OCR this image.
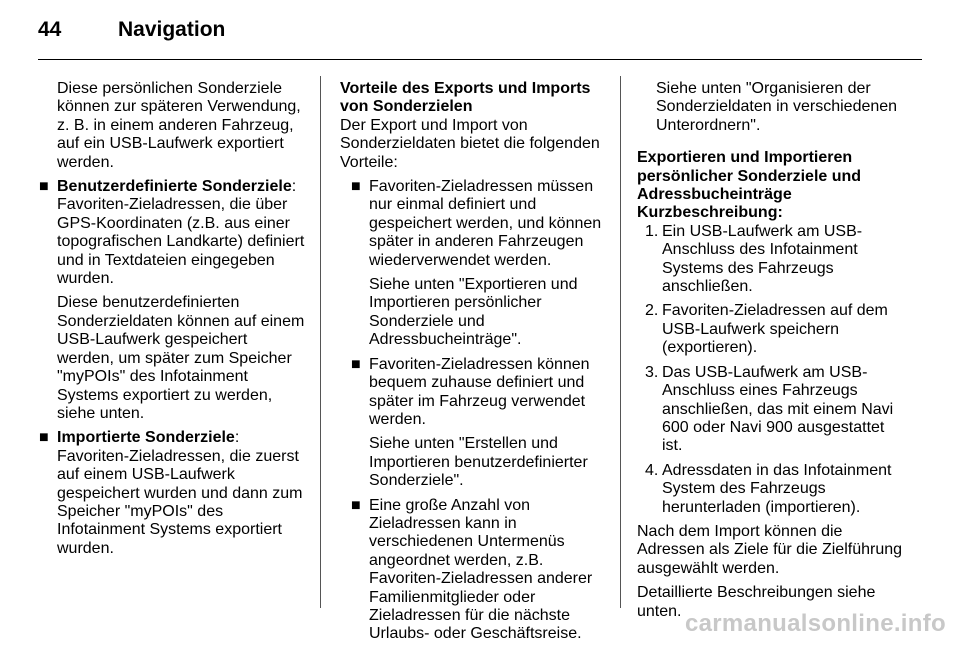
44	Navigation

Diese persönlichen Sonderziele können zur späteren Verwendung, z. B. in einem anderen Fahrzeug, auf ein USB-Laufwerk exportiert werden.

■ Benutzerdefinierte Sonderziele: Favoriten-Zieladressen, die über GPS-Koordinaten (z.B. aus einer topografischen Landkarte) definiert und in Textdateien eingegeben wurden.

Diese benutzerdefinierten Sonderzieldaten können auf einem USB-Laufwerk gespeichert werden, um später zum Speicher "myPOIs" des Infotainment Systems exportiert zu werden, siehe unten.

■ Importierte Sonderziele: Favoriten-Zieladressen, die zuerst auf einem USB-Laufwerk gespeichert wurden und dann zum Speicher "myPOIs" des Infotainment Systems exportiert wurden.

Vorteile des Exports und Imports von Sonderzielen

Der Export und Import von Sonderzieldaten bietet die folgenden Vorteile:

■ Favoriten-Zieladressen müssen nur einmal definiert und gespeichert werden, und können später in anderen Fahrzeugen wiederverwendet werden.

Siehe unten "Exportieren und Importieren persönlicher Sonderziele und Adressbucheinträge".

■ Favoriten-Zieladressen können bequem zuhause definiert und später im Fahrzeug verwendet werden.

Siehe unten "Erstellen und Importieren benutzerdefinierter Sonderziele".

■ Eine große Anzahl von Zieladressen kann in verschiedenen Untermenüs angeordnet werden, z.B. Favoriten-Zieladressen anderer Familienmitglieder oder Zieladressen für die nächste Urlaubs- oder Geschäftsreise.

Siehe unten "Organisieren der Sonderzieldaten in verschiedenen Unterordnern".

Exportieren und Importieren persönlicher Sonderziele und Adressbucheinträge

Kurzbeschreibung:

1. Ein USB-Laufwerk am USB-Anschluss des Infotainment Systems des Fahrzeugs anschließen.
2. Favoriten-Zieladressen auf dem USB-Laufwerk speichern (exportieren).
3. Das USB-Laufwerk am USB-Anschluss eines Fahrzeugs anschließen, das mit einem Navi 600 oder Navi 900 ausgestattet ist.
4. Adressdaten in das Infotainment System des Fahrzeugs herunterladen (importieren).

Nach dem Import können die Adressen als Ziele für die Zielführung ausgewählt werden.

Detaillierte Beschreibungen siehe unten. carmanualsonline.info
